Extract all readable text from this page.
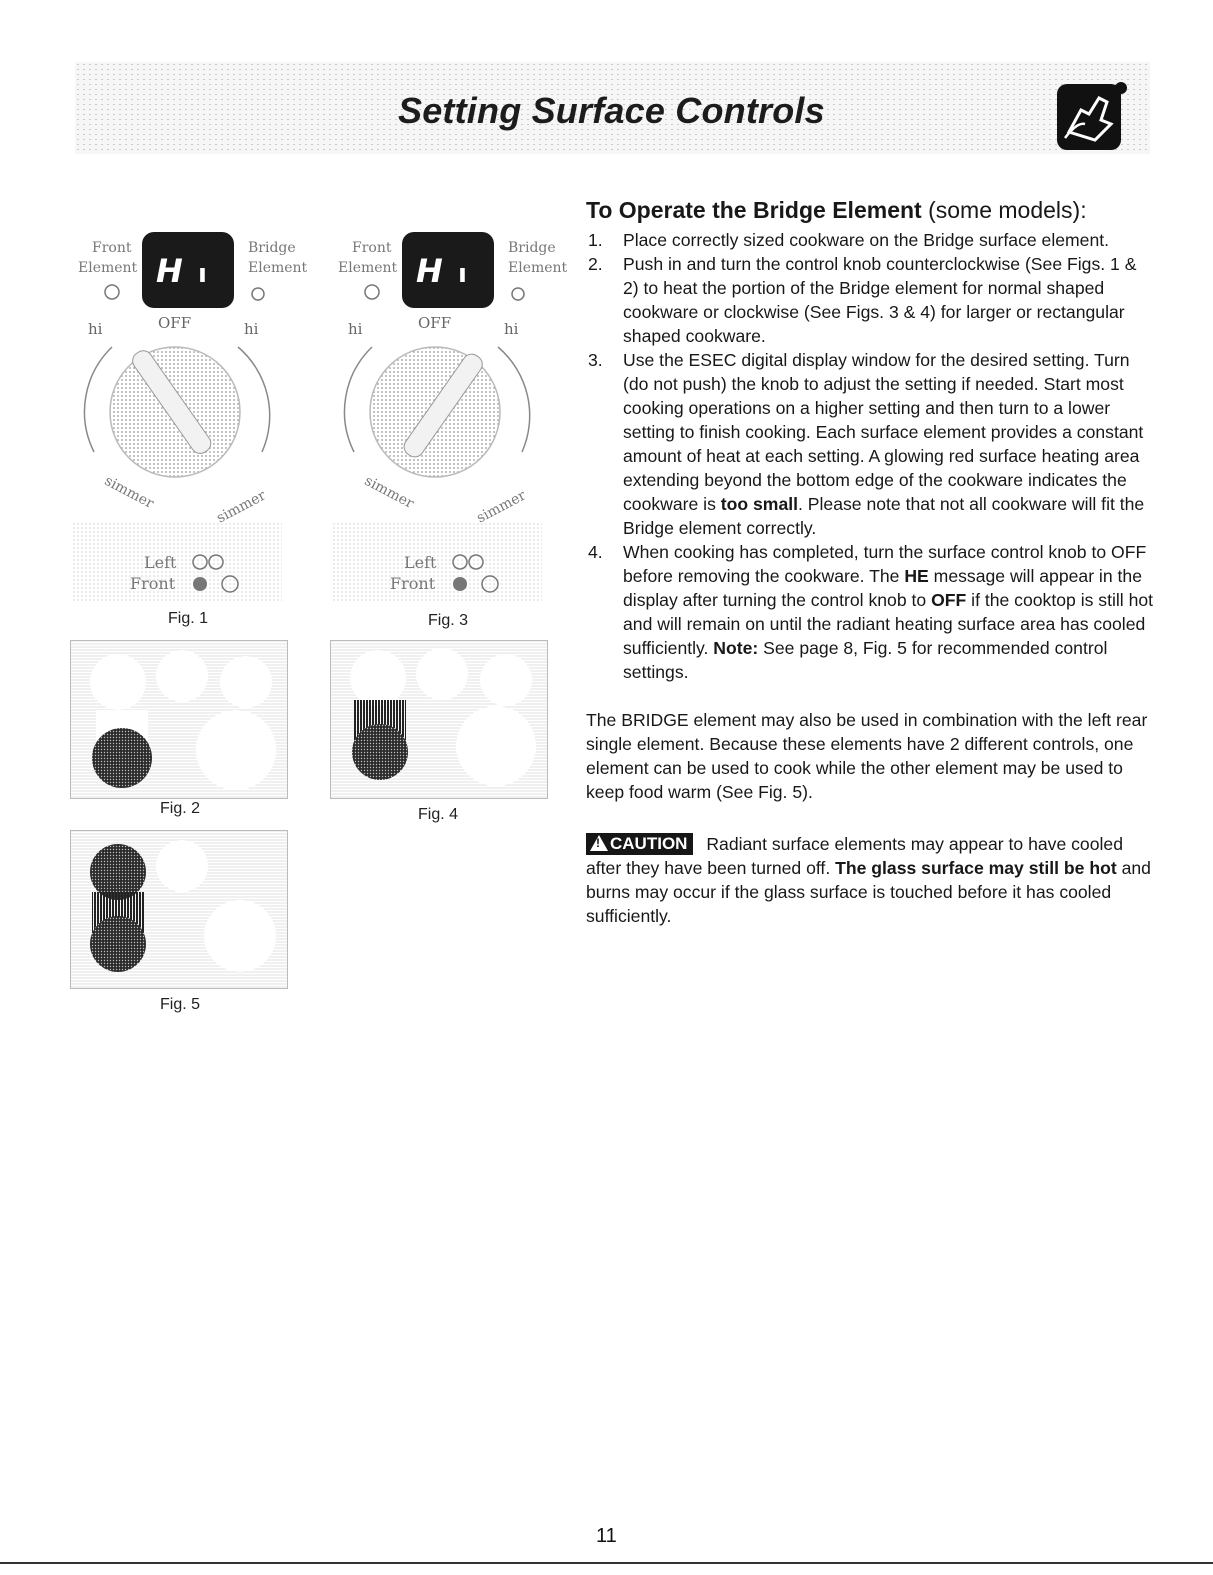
Setting Surface Controls
Front
Element
Bridge
Element
H ı
hi	OFF	hi
simmer	simmer
Left
Front
Fig. 1
Front
Element
Bridge
Element
H ı
hi	OFF	hi
simmer	simmer
Left
Front
Fig. 3
Fig. 2	Fig. 4
Fig. 5
To Operate the Bridge Element (some models):
1. Place correctly sized cookware on the Bridge surface element.
2. Push in and turn the control knob counterclockwise (See Figs. 1 & 2) to heat the portion of the Bridge element for normal shaped cookware or clockwise (See Figs. 3 & 4) for larger or rectangular shaped cookware.
3. Use the ESEC digital display window for the desired setting. Turn (do not push) the knob to adjust the setting if needed. Start most cooking operations on a higher setting and then turn to a lower setting to finish cooking. Each surface element provides a constant amount of heat at each setting. A glowing red surface heating area extending beyond the bottom edge of the cookware indicates the cookware is too small. Please note that not all cookware will fit the Bridge element correctly.
4. When cooking has completed, turn the surface control knob to OFF before removing the cookware. The HE message will appear in the display after turning the control knob to OFF if the cooktop is still hot and will remain on until the radiant heating surface area has cooled sufficiently. Note: See page 8, Fig. 5 for recommended control settings.

The BRIDGE element may also be used in combination with the left rear single element. Because these elements have 2 different controls, one element can be used to cook while the other element may be used to keep food warm (See Fig. 5).

!CAUTION Radiant surface elements may appear to have cooled after they have been turned off. The glass surface may still be hot and burns may occur if the glass surface is touched before it has cooled sufficiently.

11
